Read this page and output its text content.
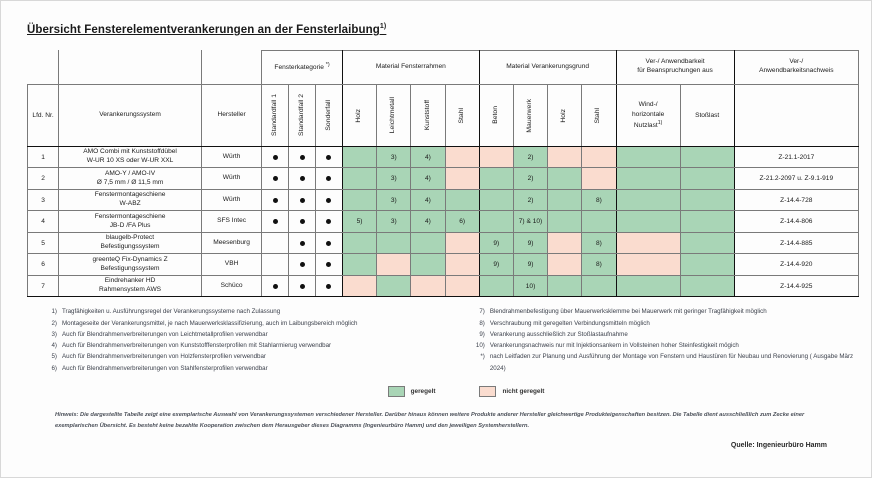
Übersicht Fensterelementverankerungen an der Fensterlaibung$^{1)}$
			Fensterkategorie *)			Material Fensterrahmen				Material Verankerungsgrund				Ver-/ Anwendbarkeit
für Beanspruchungen aus		Ver-/
Anwendbarkeitsnachweis
Lfd. Nr.	Verankerungssystem	Hersteller	Standardfall 1	Standardfall 2	Sonderfall	Holz	Leichtmetall	Kunststoff	Stahl	Beton	Mauerwerk	Holz	Stahl	Wind-/
horizontale
Nutzlast$^{1)}$	Stoßlast	
1	AMO Combi mit Kunststoffdübel
W-UR 10 XS oder W-UR XXL	Würth					3)	4)			2)					Z-21.1-2017
2	AMO-Y / AMO-IV
Ø 7,5 mm / Ø 11,5 mm	Würth					3)	4)			2)					Z-21.2-2097 u. Z-9.1-919
3	Fenstermontageschiene
W-ABZ	Würth					3)	4)			2)		8)			Z-14.4-728
4	Fenstermontageschiene
JB-D /FA Plus	SFS Intec				5)	3)	4)	6)		7) & 10)					Z-14.4-806
5	blaugelb-Protect
Befestigungssystem	Meesenburg								9)	9)		8)			Z-14.4-885
6	greenteQ Fix-Dynamics Z
Befestigungssystem	VBH								9)	9)		8)			Z-14.4-920
7	Eindrehanker HD
Rahmensystem AWS	Schüco									10)					Z-14.4-925
1) Tragfähigkeiten u. Ausführungsregel der Verankerungssysteme nach Zulassung
2) Montageseite der Verankerungsmittel, je nach Mauerwerksklassifizierung, auch im Laibungsbereich möglich
3) Auch für Blendrahmenverbreiterungen von Leichtmetallprofilen verwendbar
4) Auch für Blendrahmenverbreiterungen von Kunststofffensterprofilen mit Stahlarmierug verwendbar
5) Auch für Blendrahmenverbreiterungen von Holzfensterprofilen verwendbar
6) Auch für Blendrahmenverbreiterungen von Stahlfensterprofilen verwendbar
7) Blendrahmenbefestigung über Mauerwerksklemme bei Mauerwerk mit geringer Tragfähigkeit möglich
8) Verschraubung mit geregelten Verbindungsmitteln möglich
9) Verankerung ausschließlich zur Stoßlastaufnahme
10) Verankerungsnachweis nur mit Injektionsankern in Vollsteinen hoher Steinfestigkeit mögich
*) nach Leitfaden zur Planung und Ausführung der Montage von Fenstern und Haustüren für Neubau und Renovierung ( Ausgabe März 2024)
geregelt	nicht geregelt
Hinweis: Die dargestellte Tabelle zeigt eine exemplarische Auswahl von Verankerungssystemen verschiedener Hersteller. Darüber hinaus können weitere Produkte anderer Hersteller gleichwertige Produkteigenschaften besitzen. Die Tabelle dient ausschließlich zum Zecke einer exemplarischen Übersicht. Es besteht keine bezahlte Kooperation zwischen dem Herausgeber dieses Diagramms (Ingenieurbüro Hamm) und den jeweiligen Systemherstellern.
Quelle: Ingenieurbüro Hamm
